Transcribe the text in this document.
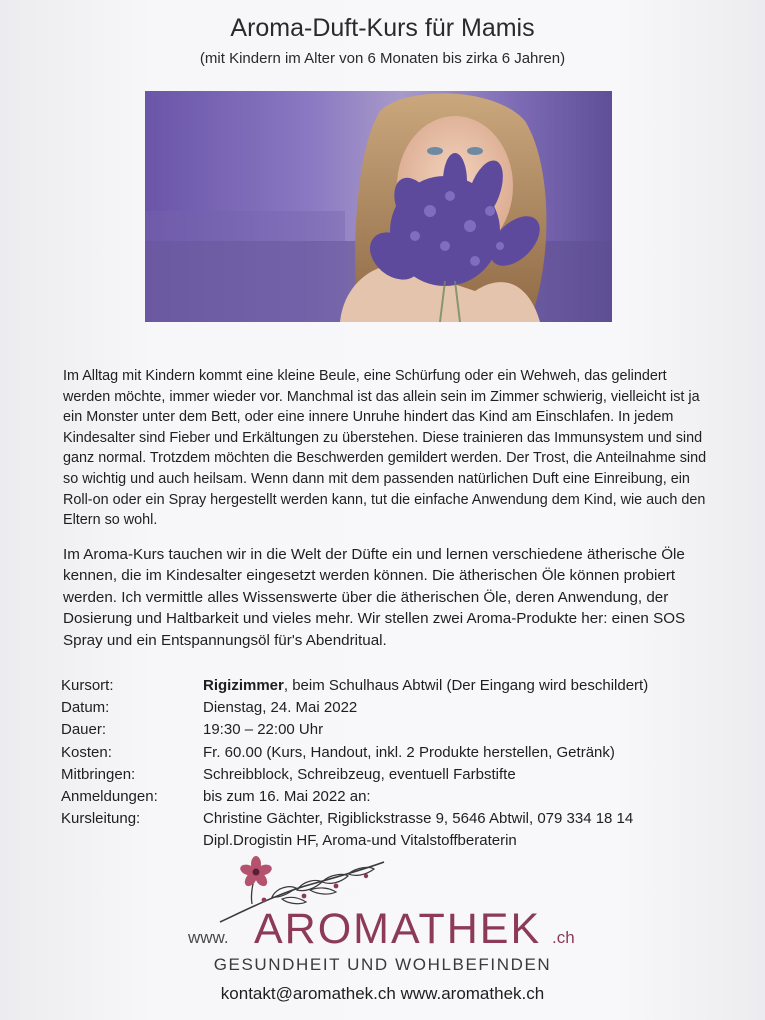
Aroma-Duft-Kurs für Mamis
(mit Kindern im Alter von 6 Monaten bis zirka 6 Jahren)

Im Alltag mit Kindern kommt eine kleine Beule, eine Schürfung oder ein Wehweh, das gelindert werden möchte, immer wieder vor. Manchmal ist das allein sein im Zimmer schwierig, vielleicht ist ja ein Monster unter dem Bett, oder eine innere Unruhe hindert das Kind am Einschlafen. In jedem Kindesalter sind Fieber und Erkältungen zu überstehen. Diese trainieren das Immunsystem und sind ganz normal. Trotzdem möchten die Beschwerden gemildert werden. Der Trost, die Anteilnahme sind so wichtig und auch heilsam. Wenn dann mit dem passenden natürlichen Duft eine Einreibung, ein Roll-on oder ein Spray hergestellt werden kann, tut die einfache Anwendung dem Kind, wie auch den Eltern so wohl.

Im Aroma-Kurs tauchen wir in die Welt der Düfte ein und lernen verschiedene ätherische Öle kennen, die im Kindesalter eingesetzt werden können. Die ätherischen Öle können probiert werden. Ich vermittle alles Wissenswerte über die ätherischen Öle, deren Anwendung, der Dosierung und Haltbarkeit und vieles mehr. Wir stellen zwei Aroma-Produkte her: einen SOS Spray und ein Entspannungsöl für's Abendritual.

Kursort:	Rigizimmer, beim Schulhaus Abtwil (Der Eingang wird beschildert)
Datum:	Dienstag, 24. Mai 2022
Dauer:	19:30 – 22:00 Uhr
Kosten:	Fr. 60.00 (Kurs, Handout, inkl. 2 Produkte herstellen, Getränk)
Mitbringen:	Schreibblock, Schreibzeug, eventuell Farbstifte
Anmeldungen:	bis zum 16. Mai 2022 an:
Kursleitung:	Christine Gächter, Rigiblickstrasse 9, 5646 Abtwil, 079 334 18 14
Dipl.Drogistin HF, Aroma-und Vitalstoffberaterin
www. AROMATHEK .ch
GESUNDHEIT UND WOHLBEFINDEN
kontakt@aromathek.ch www.aromathek.ch
